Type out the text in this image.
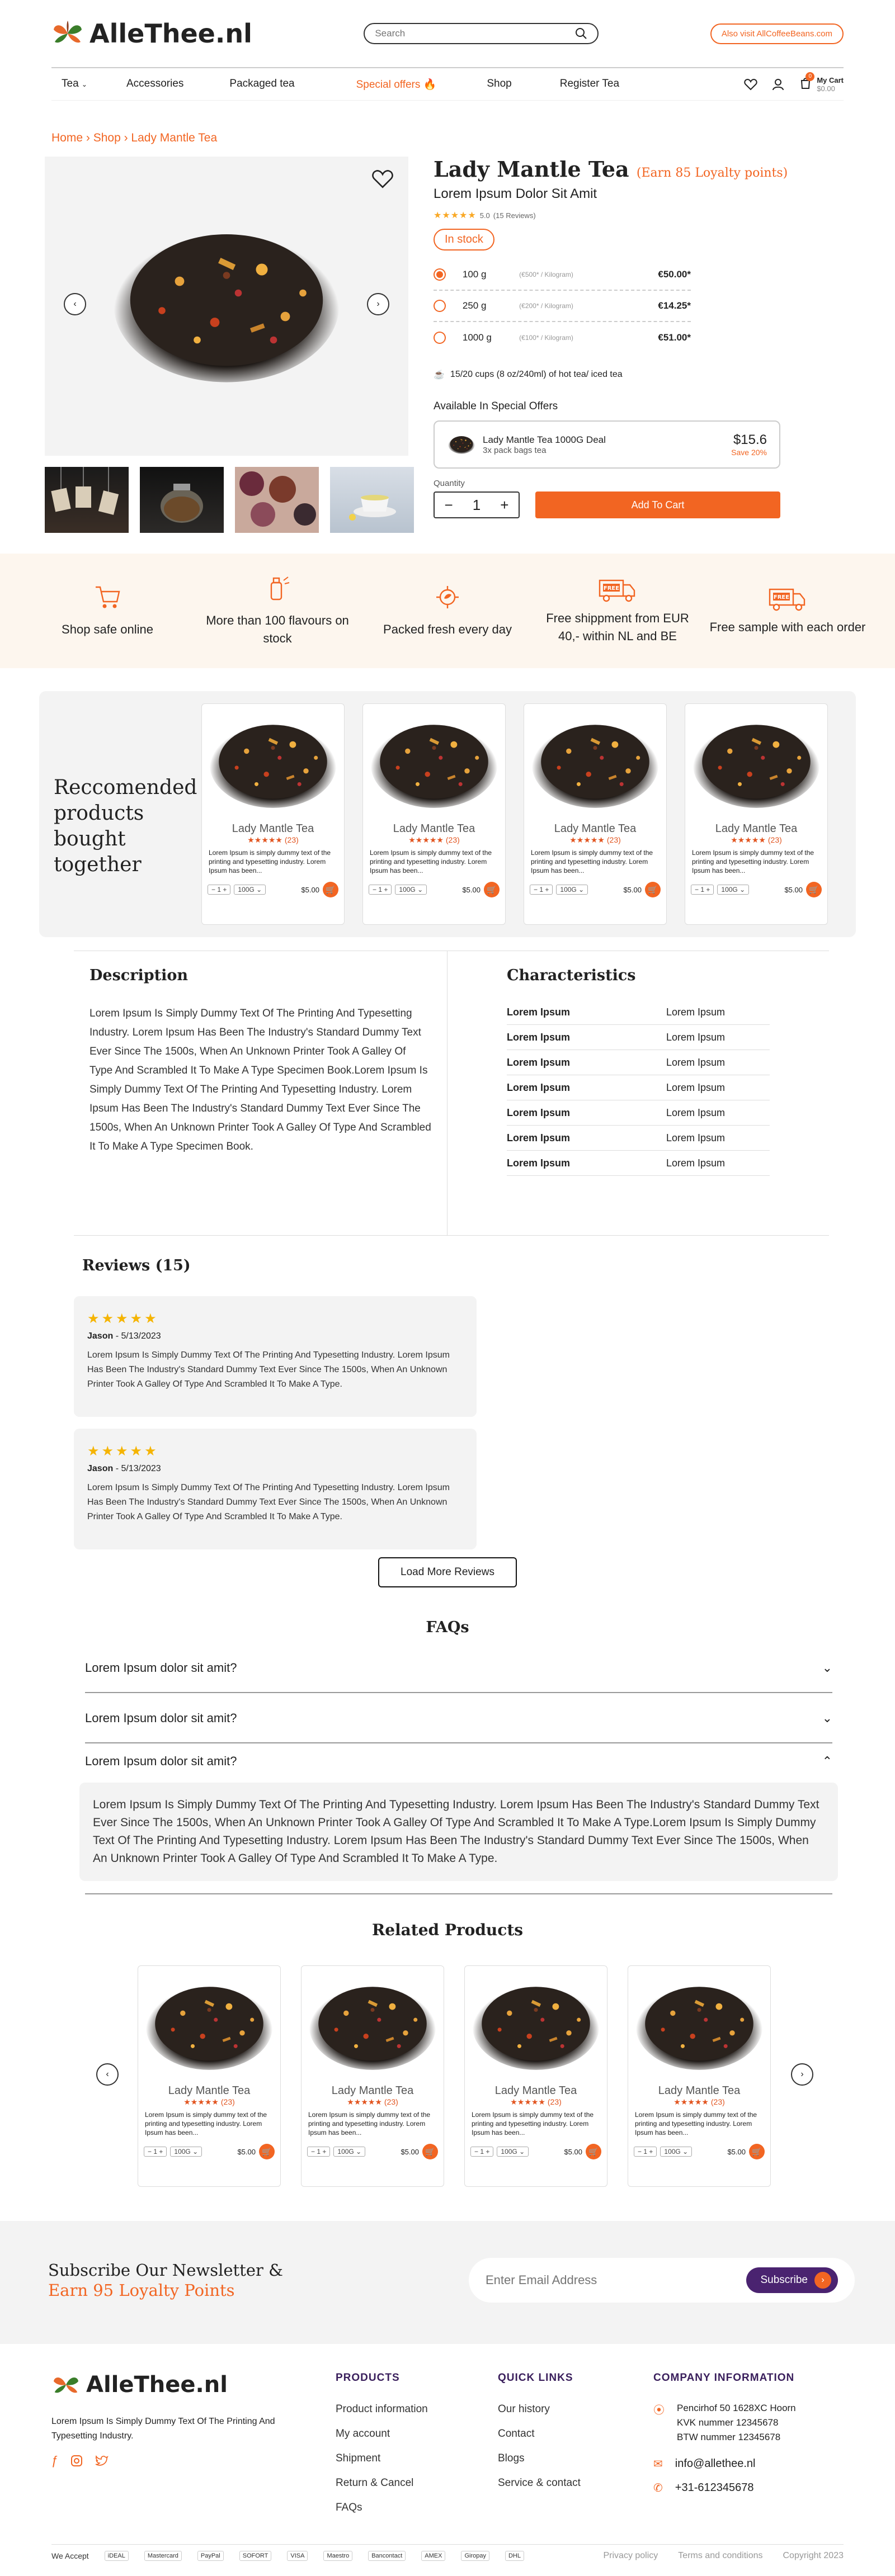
AlleThee.nl
Search	Also visit AllCoffeeBeans.com
Tea ⌄	Accessories	Packaged tea	Special offers 🔥	Shop	Register Tea
0 My Cart
$0.00
Home › Shop › Lady Mantle Tea
‹	›
Lady Mantle Tea (Earn 85 Loyalty points)
Lorem Ipsum Dolor Sit Amit
★★★★★ 5.0 (15 Reviews)
In stock
100 g	(€500* / Kilogram)	€50.00*
250 g	(€200* / Kilogram)	€14.25*
1000 g	(€100* / Kilogram)	€51.00*
☕ 15/20 cups (8 oz/240ml) of hot tea/ iced tea
Available In Special Offers
Lady Mantle Tea 1000G Deal
3x pack bags tea
$15.6
Save 20%
Quantity
− 1 +	Add To Cart
Shop safe online
More than 100 flavours on stock
Packed fresh every day
FREE
Free shippment from EUR 40,- within NL and BE
FREE
Free sample with each order
Reccomended products bought together
Lady Mantle Tea
★★★★★ (23)
Lorem Ipsum is simply dummy text of the printing and typesetting industry. Lorem Ipsum has been...
− 1 +	100G ⌄	$5.00 🛒
Lady Mantle Tea
★★★★★ (23)
Lorem Ipsum is simply dummy text of the printing and typesetting industry. Lorem Ipsum has been...
− 1 +	100G ⌄	$5.00 🛒
Lady Mantle Tea
★★★★★ (23)
Lorem Ipsum is simply dummy text of the printing and typesetting industry. Lorem Ipsum has been...
− 1 +	100G ⌄	$5.00 🛒
Lady Mantle Tea
★★★★★ (23)
Lorem Ipsum is simply dummy text of the printing and typesetting industry. Lorem Ipsum has been...
− 1 +	100G ⌄	$5.00 🛒
Description

Lorem Ipsum Is Simply Dummy Text Of The Printing And Typesetting Industry. Lorem Ipsum Has Been The Industry's Standard Dummy Text Ever Since The 1500s, When An Unknown Printer Took A Galley Of Type And Scrambled It To Make A Type Specimen Book.Lorem Ipsum Is Simply Dummy Text Of The Printing And Typesetting Industry. Lorem Ipsum Has Been The Industry's Standard Dummy Text Ever Since The 1500s, When An Unknown Printer Took A Galley Of Type And Scrambled It To Make A Type Specimen Book.

Characteristics
Lorem Ipsum	Lorem Ipsum
Lorem Ipsum	Lorem Ipsum
Lorem Ipsum	Lorem Ipsum
Lorem Ipsum	Lorem Ipsum
Lorem Ipsum	Lorem Ipsum
Lorem Ipsum	Lorem Ipsum
Lorem Ipsum	Lorem Ipsum
Reviews (15)
★★★★★
Jason - 5/13/2023

Lorem Ipsum Is Simply Dummy Text Of The Printing And Typesetting Industry. Lorem Ipsum Has Been The Industry's Standard Dummy Text Ever Since The 1500s, When An Unknown Printer Took A Galley Of Type And Scrambled It To Make A Type.

★★★★★
Jason - 5/13/2023

Lorem Ipsum Is Simply Dummy Text Of The Printing And Typesetting Industry. Lorem Ipsum Has Been The Industry's Standard Dummy Text Ever Since The 1500s, When An Unknown Printer Took A Galley Of Type And Scrambled It To Make A Type.

Load More Reviews
FAQs
Lorem Ipsum dolor sit amit?	⌄
Lorem Ipsum dolor sit amit?	⌄
Lorem Ipsum dolor sit amit?	⌃
Lorem Ipsum Is Simply Dummy Text Of The Printing And Typesetting Industry. Lorem Ipsum Has Been The Industry's Standard Dummy Text Ever Since The 1500s, When An Unknown Printer Took A Galley Of Type And Scrambled It To Make A Type.Lorem Ipsum Is Simply Dummy Text Of The Printing And Typesetting Industry. Lorem Ipsum Has Been The Industry's Standard Dummy Text Ever Since The 1500s, When An Unknown Printer Took A Galley Of Type And Scrambled It To Make A Type.
Related Products
‹	›
Lady Mantle Tea
★★★★★ (23)
Lorem Ipsum is simply dummy text of the printing and typesetting industry. Lorem Ipsum has been...
− 1 +	100G ⌄	$5.00 🛒
Lady Mantle Tea
★★★★★ (23)
Lorem Ipsum is simply dummy text of the printing and typesetting industry. Lorem Ipsum has been...
− 1 +	100G ⌄	$5.00 🛒
Lady Mantle Tea
★★★★★ (23)
Lorem Ipsum is simply dummy text of the printing and typesetting industry. Lorem Ipsum has been...
− 1 +	100G ⌄	$5.00 🛒
Lady Mantle Tea
★★★★★ (23)
Lorem Ipsum is simply dummy text of the printing and typesetting industry. Lorem Ipsum has been...
− 1 +	100G ⌄	$5.00 🛒
Subscribe Our Newsletter &
Earn 95 Loyalty Points
Enter Email Address
Subscribe	›
AlleThee.nl
Lorem Ipsum Is Simply Dummy Text Of The Printing And Typesetting Industry.
ƒ
PRODUCTS
Product information
My account
Shipment
Return & Cancel
FAQs
QUICK LINKS
Our history
Contact
Blogs
Service & contact
COMPANY INFORMATION
⦿ Pencirhof 50 1628XC Hoorn
KVK nummer 12345678
BTW nummer 12345678
✉ info@allethee.nl
✆ +31-612345678
We Accept	iDEAL	Mastercard	PayPal	SOFORT	VISA	Maestro	Bancontact	AMEX	Giropay	DHL	Privacy policy Terms and conditions Copyright 2023
